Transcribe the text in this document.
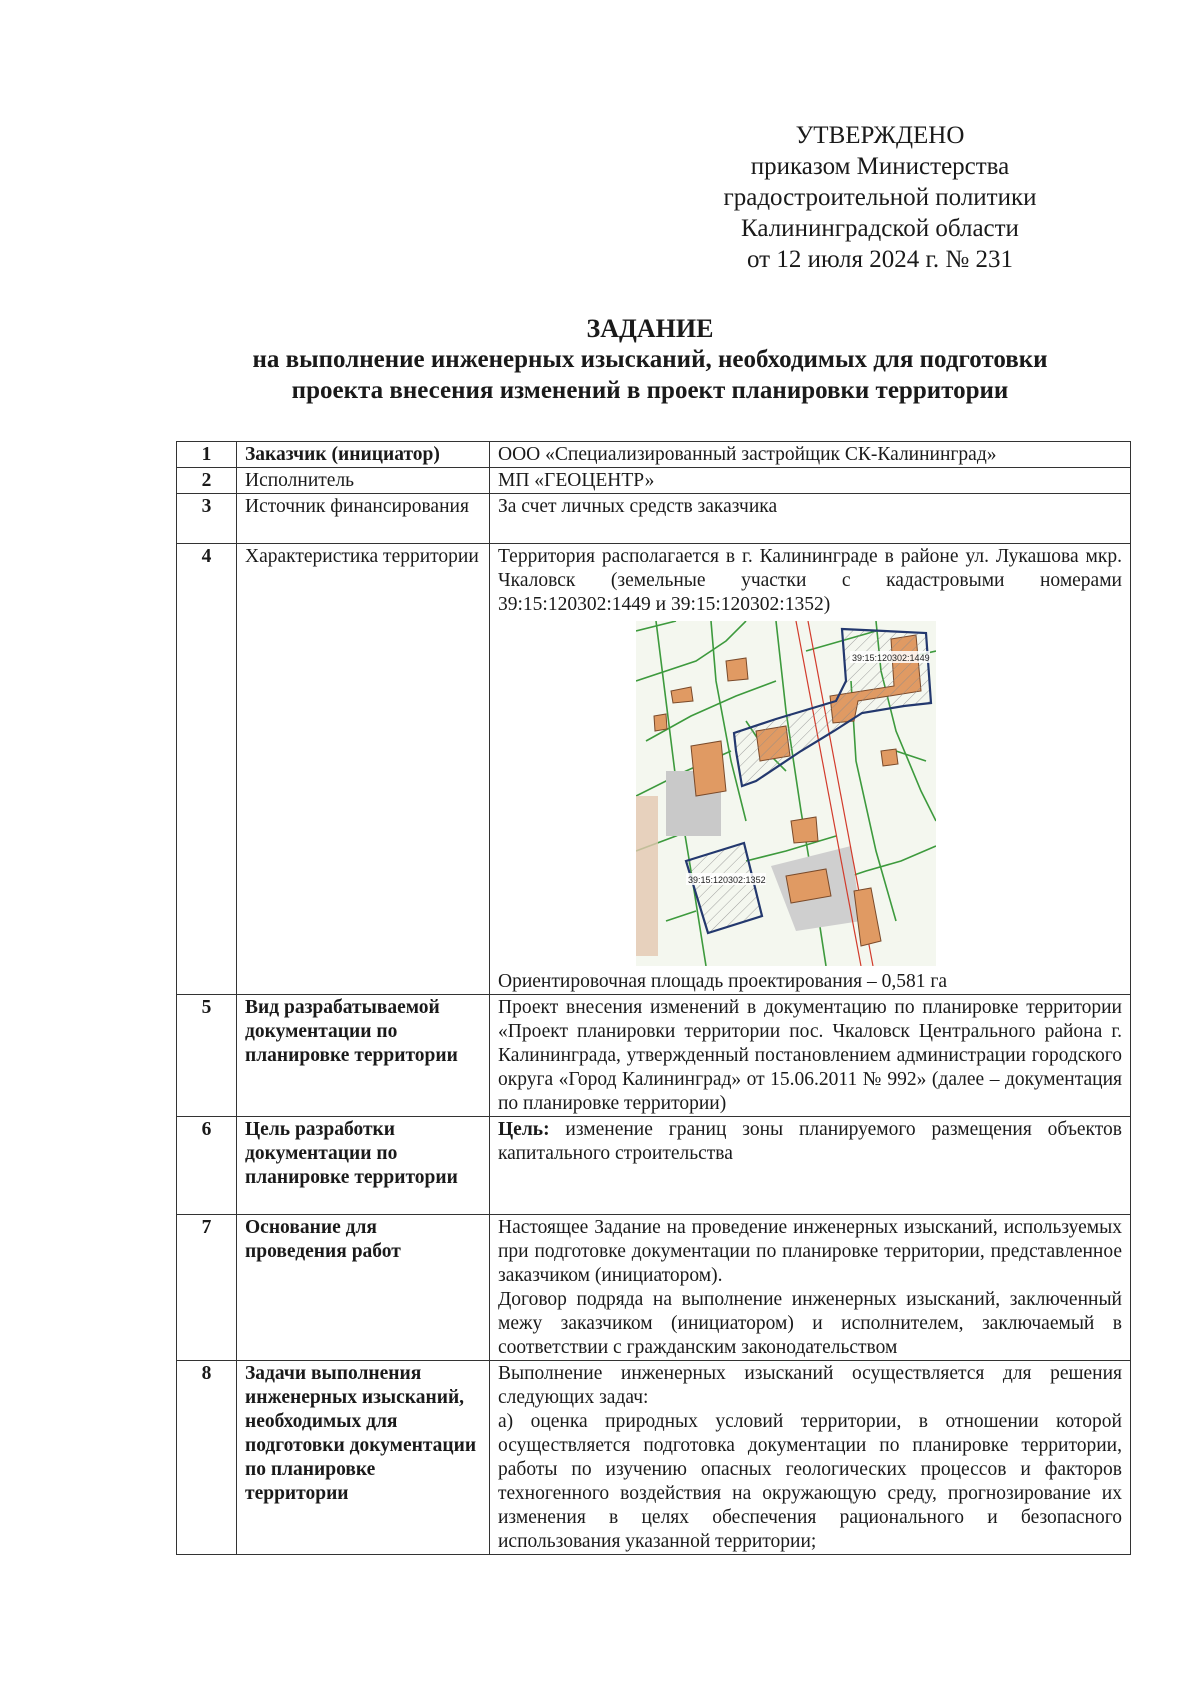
УТВЕРЖДЕНО
приказом Министерства
градостроительной политики
Калининградской области
от 12 июля 2024 г. № 231
ЗАДАНИЕ
на выполнение инженерных изысканий, необходимых для подготовки
проекта внесения изменений в проект планировки территории
1	Заказчик (инициатор)	ООО «Специализированный застройщик СК-Калининград»
2	Исполнитель	МП «ГЕОЦЕНТР»
3	Источник финансирования	За счет личных средств заказчика
4	Характеристика территории	Территория располагается в г. Калининграде в районе ул. Лукашова мкр. Чкаловск (земельные участки с кадастровыми номерами 39:15:120302:1449 и 39:15:120302:1352)
39:15:120302:1449
39:15:120302:1352
Ориентировочная площадь проектирования – 0,581 га

5	Вид разрабатываемой документации по планировке территории	Проект внесения изменений в документацию по планировке территории «Проект планировки территории пос. Чкаловск Центрального района г. Калининграда, утвержденный постановлением администрации городского округа «Город Калининград» от 15.06.2011 № 992» (далее – документация по планировке территории)
6	Цель разработки документации по планировке территории	Цель: изменение границ зоны планируемого размещения объектов капитального строительства
7	Основание для проведения работ	Настоящее Задание на проведение инженерных изысканий, используемых при подготовке документации по планировке территории, представленное заказчиком (инициатором).
Договор подряда на выполнение инженерных изысканий, заключенный межу заказчиком (инициатором) и исполнителем, заключаемый в соответствии с гражданским законодательством

8	Задачи выполнения инженерных изысканий, необходимых для подготовки документации по планировке территории	Выполнение инженерных изысканий осуществляется для решения следующих задач:
а) оценка природных условий территории, в отношении которой осуществляется подготовка документации по планировке территории, работы по изучению опасных геологических процессов и факторов техногенного воздействия на окружающую среду, прогнозирование их изменения в целях обеспечения рационального и безопасного использования указанной территории;
